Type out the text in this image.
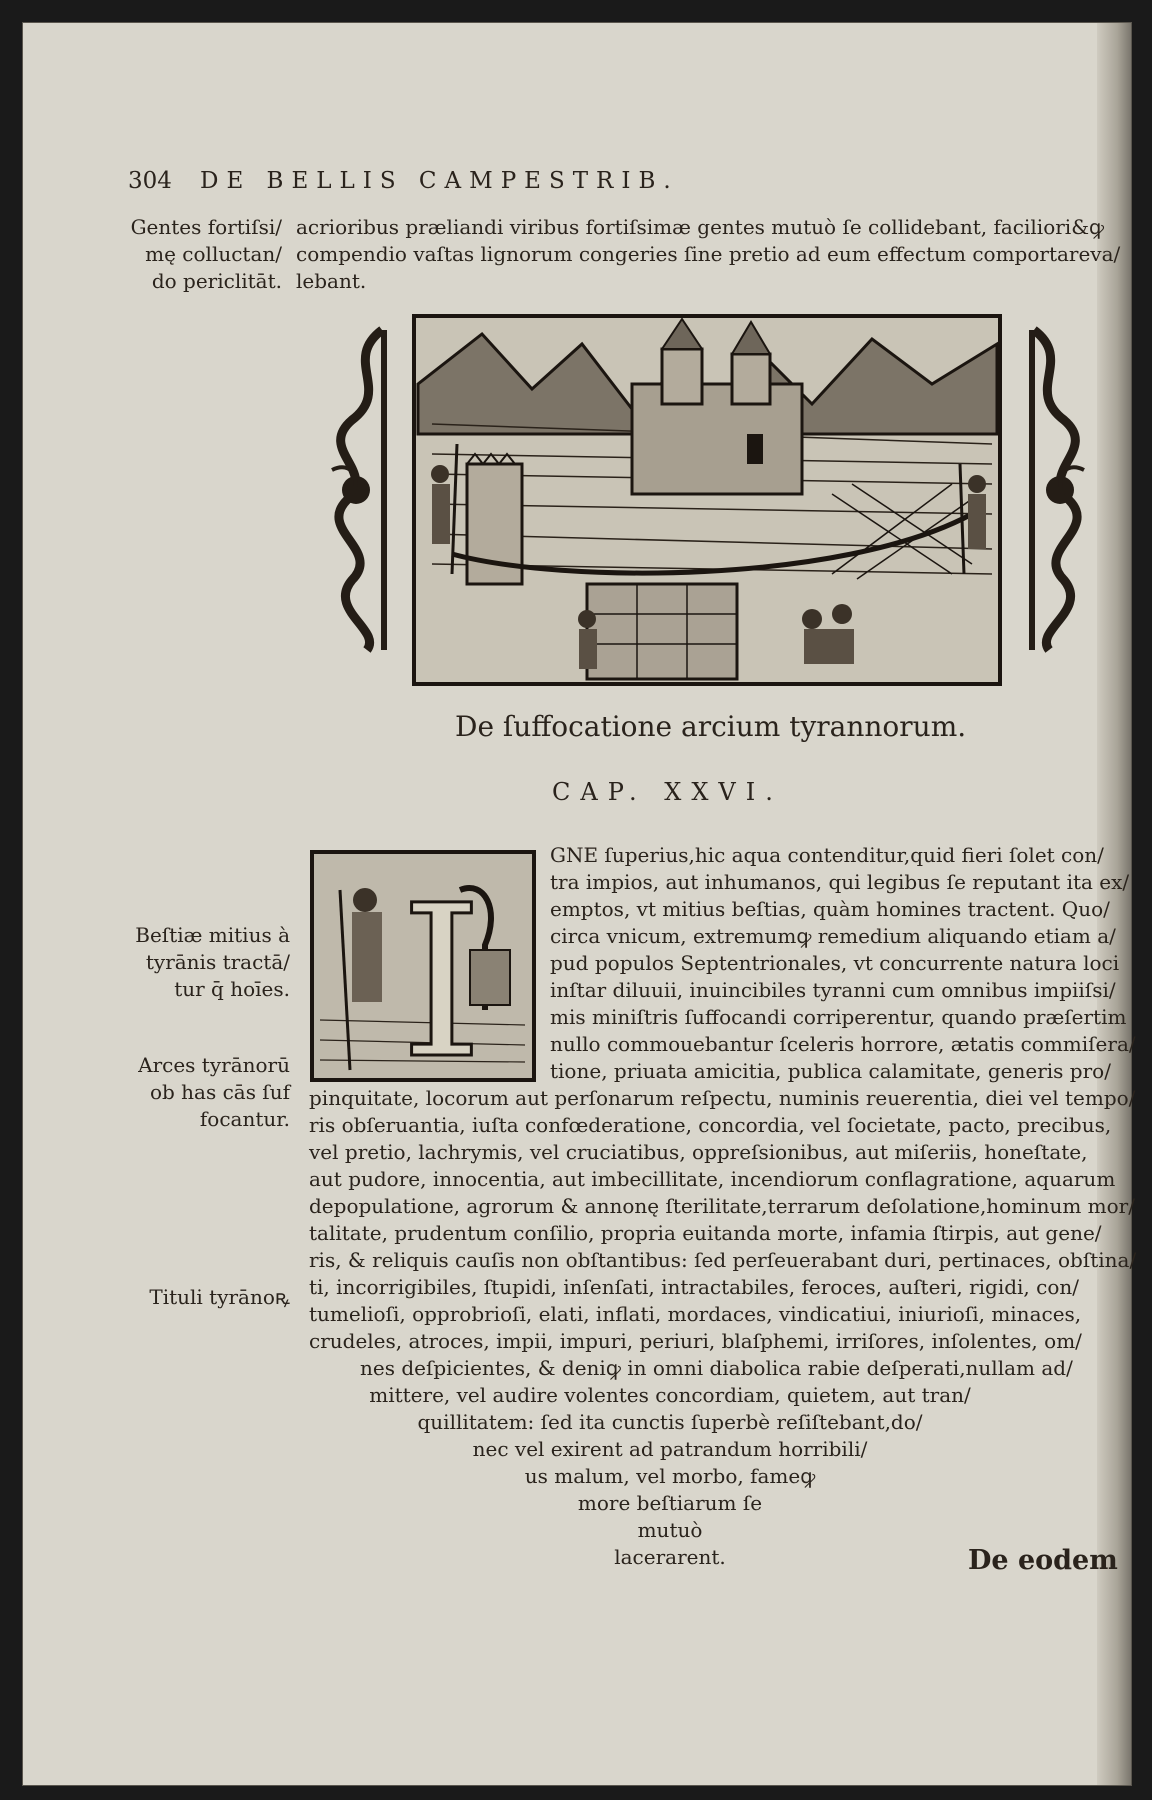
304 DE BELLIS CAMPESTRIB.
Gentes fortiſsi/
mę colluctan/
do periclitāt.
Beſtiæ mitius à
tyrānis tractā/
tur q̄ hoīes.
Arces tyrānorū
ob has cās ſuf
focantur.
Tituli tyrānoꝶ
acrioribus præliandi viribus fortiſsimæ gentes mutuò ſe collidebant, faciliori&ꝙ
compendio vaſtas lignorum congeries ſine pretio ad eum effectum comportareva/
lebant.
De ſuffocatione arcium tyrannorum.
CAP. XXVI.
I
GNE ſuperius,hic aqua contenditur,quid fieri ſolet con/
tra impios, aut inhumanos, qui legibus ſe reputant ita ex/
emptos, vt mitius beſtias, quàm homines tractent. Quo/
circa vnicum, extremumꝙ remedium aliquando etiam a/
pud populos Septentrionales, vt concurrente natura loci
inſtar diluuii, inuincibiles tyranni cum omnibus impiiſsi/
mis miniſtris ſuffocandi corriperentur, quando præſertim
nullo commouebantur ſceleris horrore, ætatis commiſera/
tione, priuata amicitia, publica calamitate, generis pro/
pinquitate, locorum aut perſonarum reſpectu, numinis reuerentia, diei vel tempo/
ris obſeruantia, iuſta confœderatione, concordia, vel ſocietate, pacto, precibus,
vel pretio, lachrymis, vel cruciatibus, oppreſsionibus, aut miſeriis, honeſtate,
aut pudore, innocentia, aut imbecillitate, incendiorum conflagratione, aquarum
depopulatione, agrorum & annonę ſterilitate,terrarum deſolatione,hominum mor/
talitate, prudentum conſilio, propria euitanda morte, infamia ſtirpis, aut gene/
ris, & reliquis cauſis non obſtantibus: ſed perſeuerabant duri, pertinaces, obſtina/
ti, incorrigibiles, ſtupidi, inſenſati, intractabiles, feroces, auſteri, rigidi, con/
tumelioſi, opprobrioſi, elati, inflati, mordaces, vindicatiui, iniurioſi, minaces,
crudeles, atroces, impii, impuri, periuri, blaſphemi, irriſores, inſolentes, om/
nes deſpicientes, & deniꝙ in omni diabolica rabie deſperati,nullam ad/
mittere, vel audire volentes concordiam, quietem, aut tran/
quillitatem: ſed ita cunctis ſuperbè reſiſtebant,do/
nec vel exirent ad patrandum horribili/
us malum, vel morbo, fameꝙ
more beſtiarum ſe
mutuò
lacerarent.	De eodem
